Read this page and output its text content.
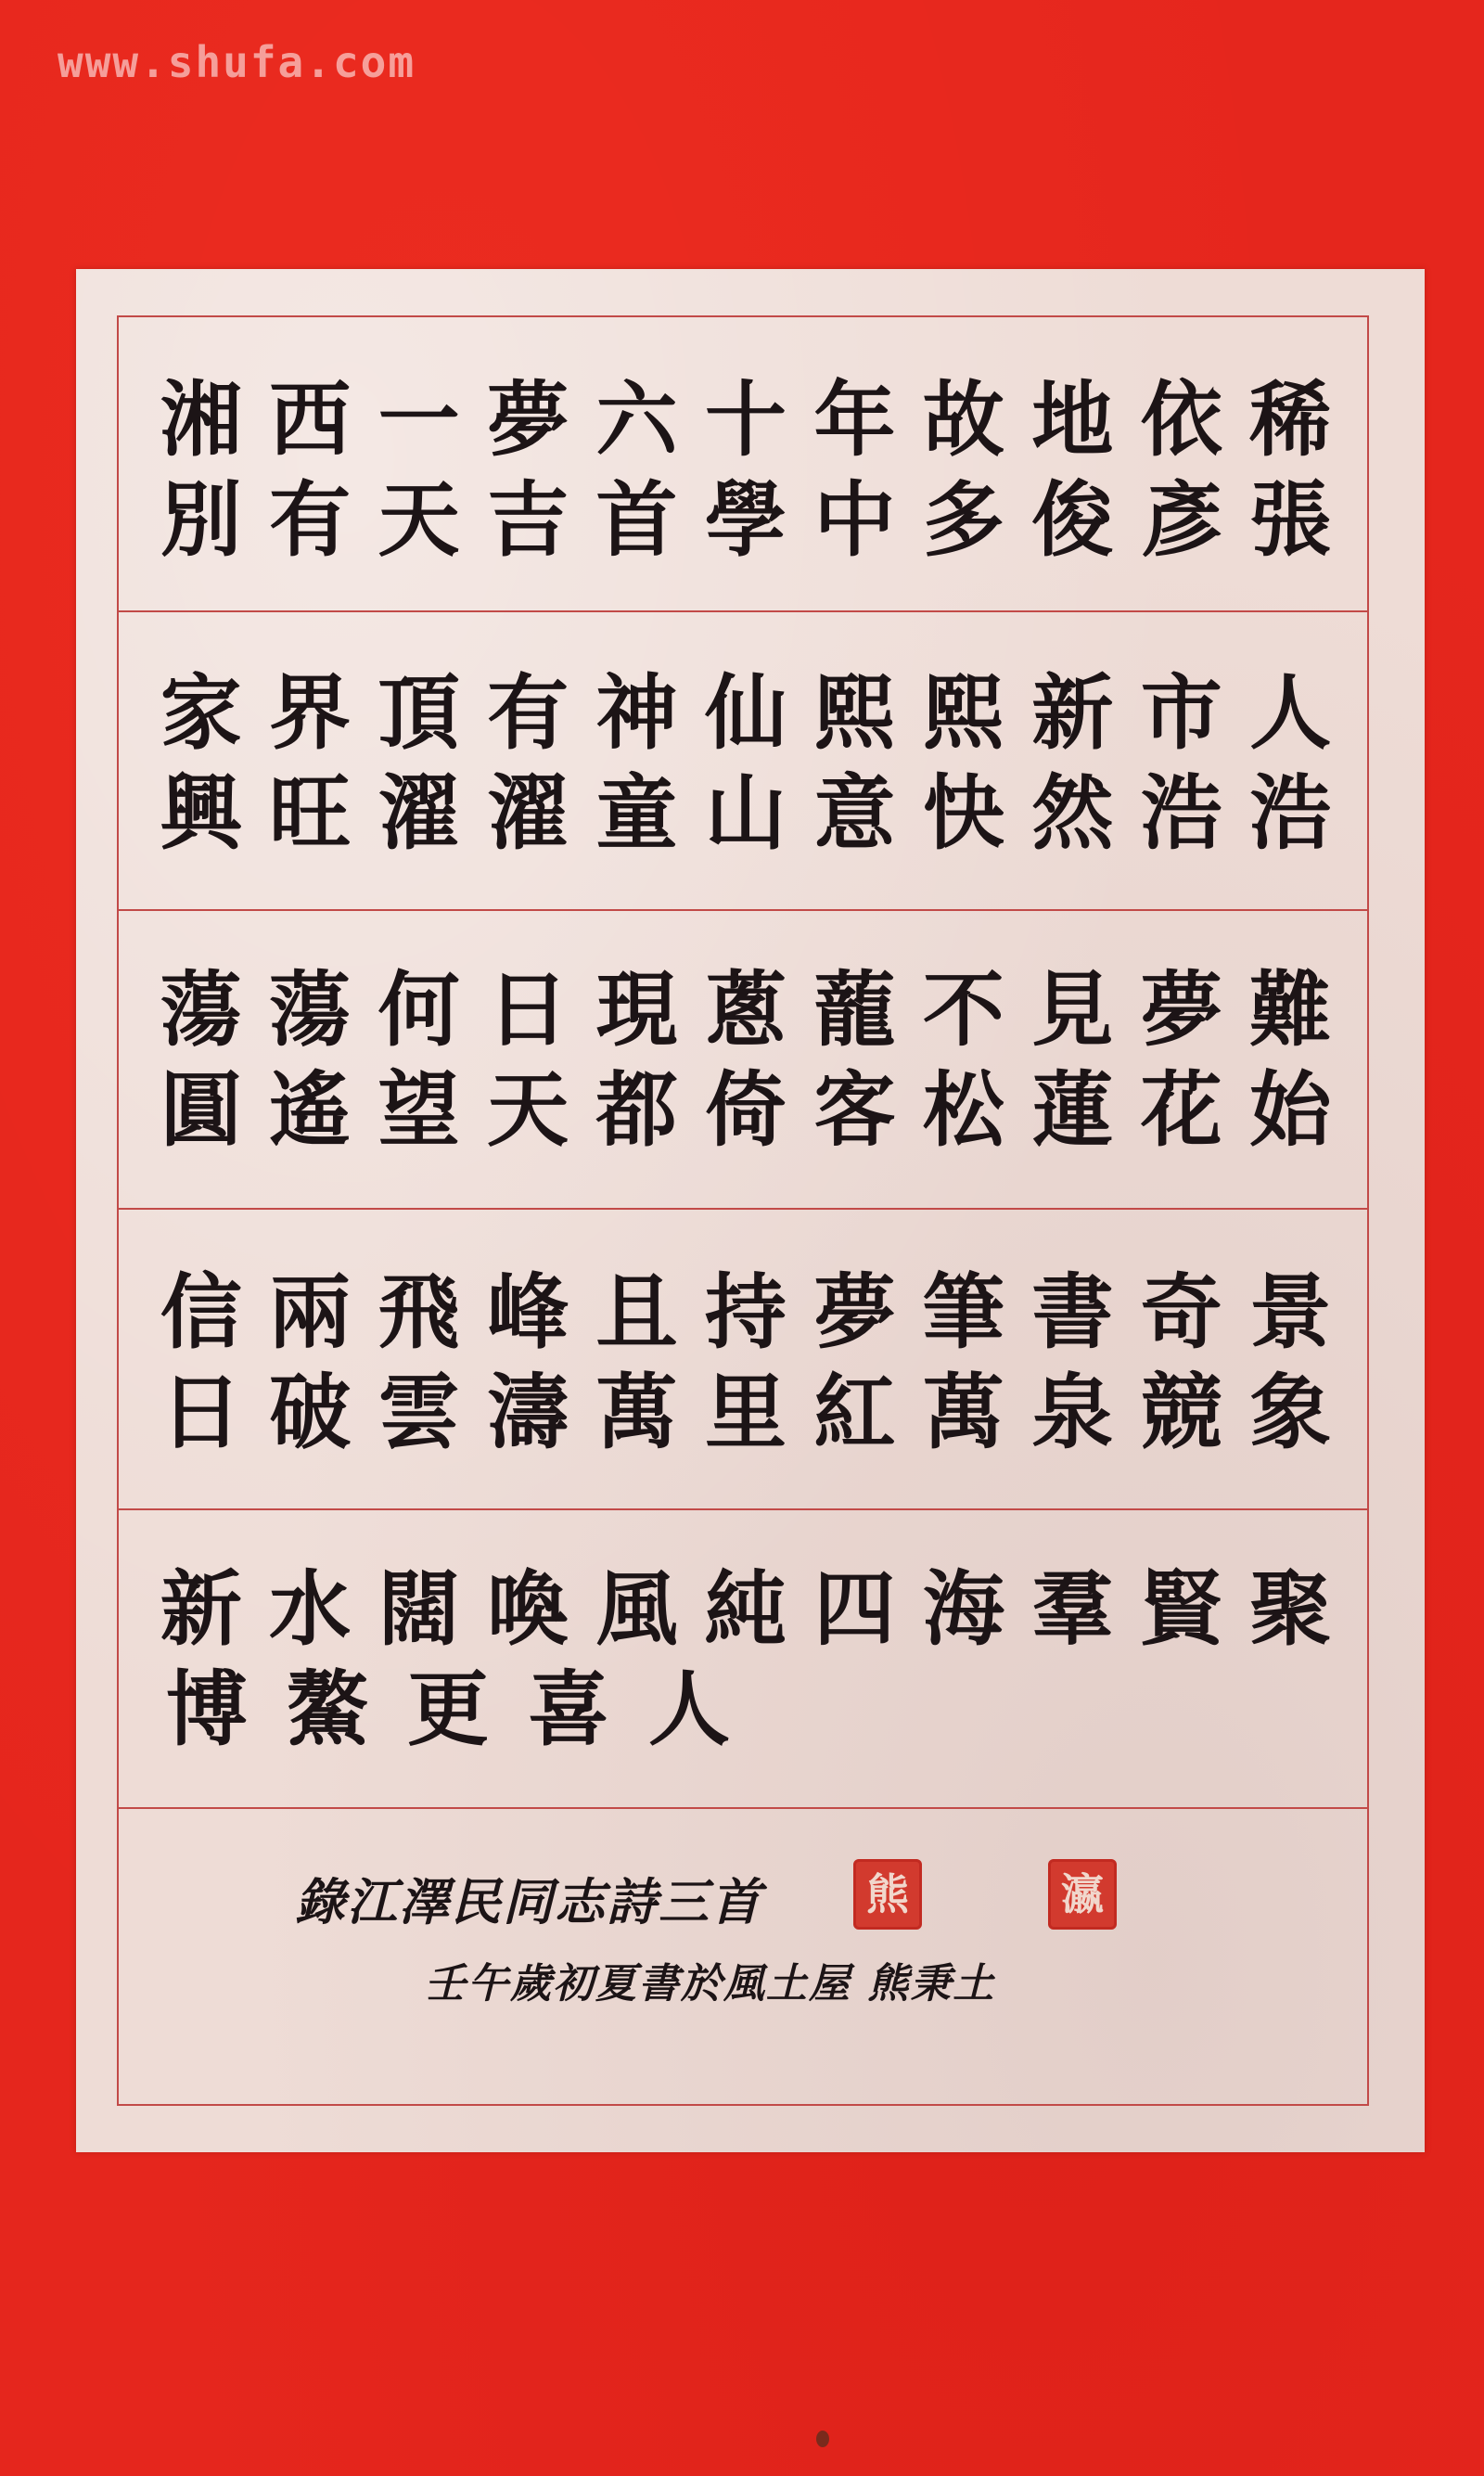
www.shufa.com
湘 西 一 夢 六 十 年 故 地 依 稀
別 有 天 吉 首 學 中 多 俊 彥 張
家 界 頂 有 神 仙 熙 熙 新 市 人
興 旺 濯 濯 童 山 意 快 然 浩 浩
蕩 蕩 何 日 現 蔥 蘢 不 見 夢 難
圓 遙 望 天 都 倚 客 松 蓮 花 始
信 兩 飛 峰 且 持 夢 筆 書 奇 景
日 破 雲 濤 萬 里 紅 萬 泉 競 象
新 水 闊 喚 風 純 四 海 羣 賢 聚
博 鰲 更 喜 人
錄江澤民同志詩三首	熊	瀛
壬午歲初夏書於風土屋 熊秉土
